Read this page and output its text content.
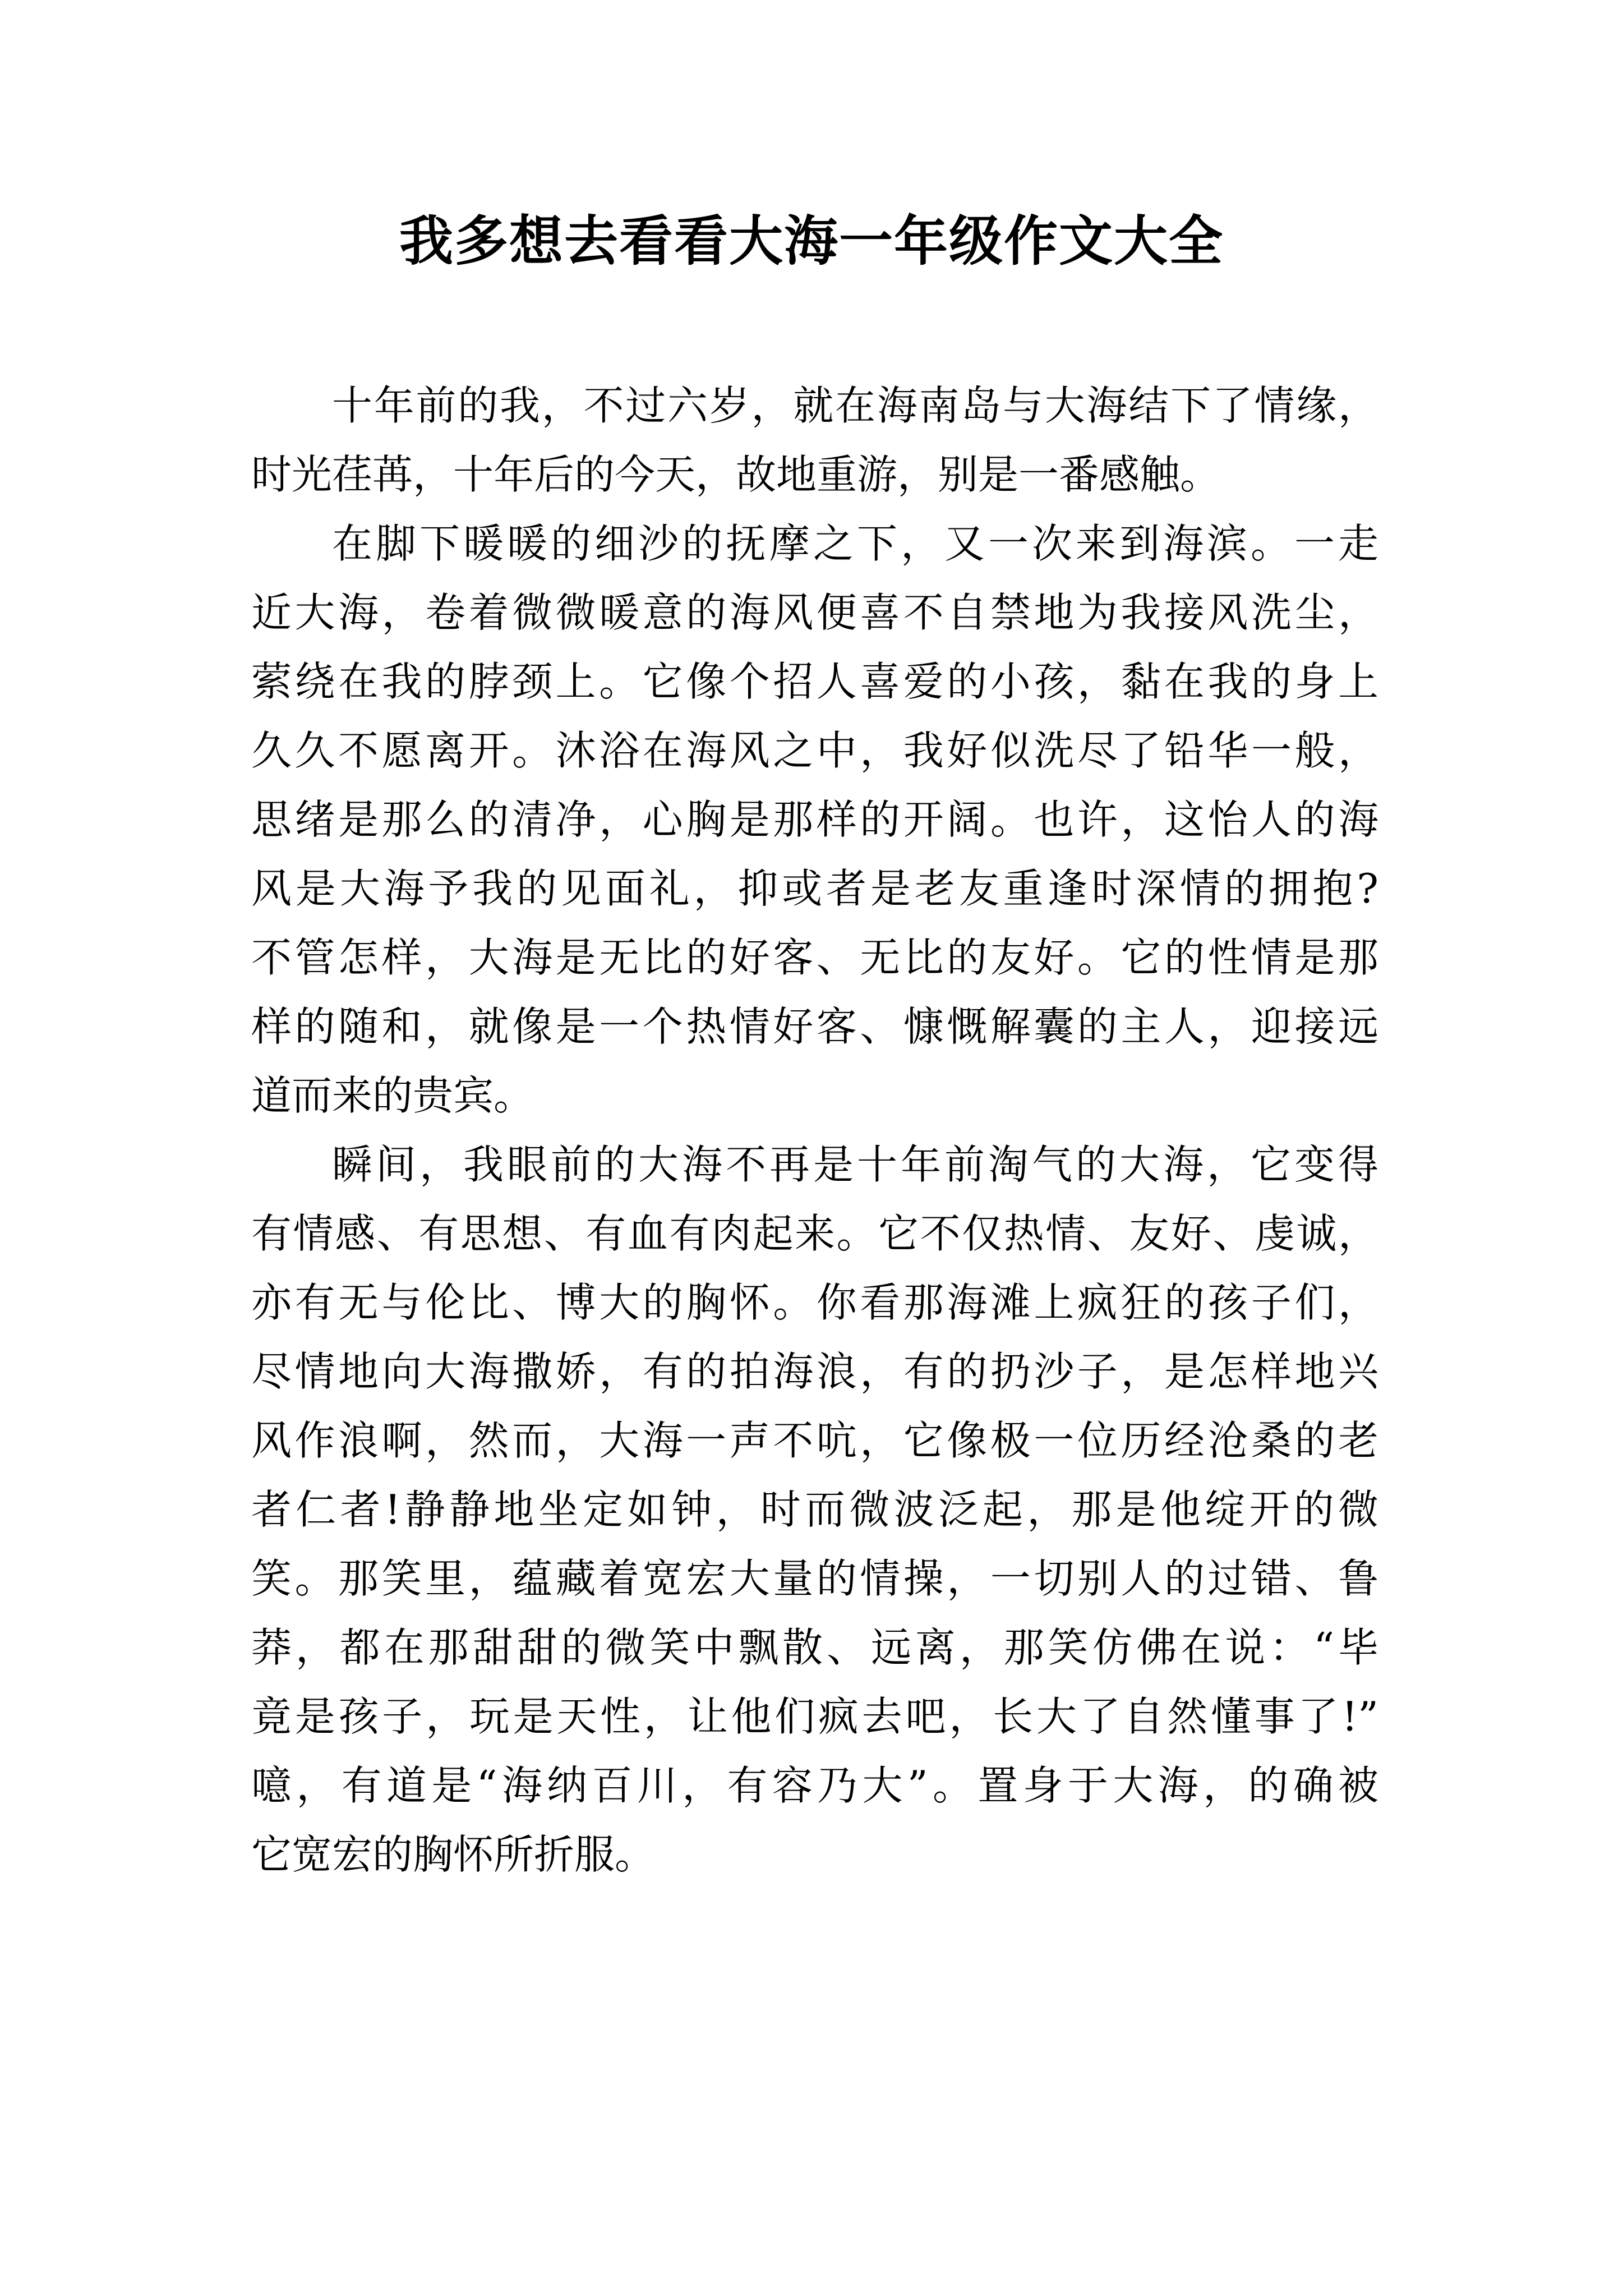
我多想去看看大海一年级作文大全
十年前的我，不过六岁，就在海南岛与大海结下了情缘，
时光荏苒，十年后的今天，故地重游，别是一番感触。
在脚下暖暖的细沙的抚摩之下，又一次来到海滨。一走
近大海，卷着微微暖意的海风便喜不自禁地为我接风洗尘，
萦绕在我的脖颈上。它像个招人喜爱的小孩，黏在我的身上
久久不愿离开。沐浴在海风之中，我好似洗尽了铅华一般，
思绪是那么的清净，心胸是那样的开阔。也许，这怡人的海
风是大海予我的见面礼，抑或者是老友重逢时深情的拥抱?
不管怎样，大海是无比的好客、无比的友好。它的性情是那
样的随和，就像是一个热情好客、慷慨解囊的主人，迎接远
道而来的贵宾。
瞬间，我眼前的大海不再是十年前淘气的大海，它变得
有情感、有思想、有血有肉起来。它不仅热情、友好、虔诚，
亦有无与伦比、博大的胸怀。你看那海滩上疯狂的孩子们，
尽情地向大海撒娇，有的拍海浪，有的扔沙子，是怎样地兴
风作浪啊，然而，大海一声不吭，它像极一位历经沧桑的老
者仁者!静静地坐定如钟，时而微波泛起，那是他绽开的微
笑。那笑里，蕴藏着宽宏大量的情操，一切别人的过错、鲁
莽，都在那甜甜的微笑中飘散、远离，那笑仿佛在说：“毕
竟是孩子，玩是天性，让他们疯去吧，长大了自然懂事了!”
噫，有道是“海纳百川，有容乃大”。置身于大海，的确被
它宽宏的胸怀所折服。
